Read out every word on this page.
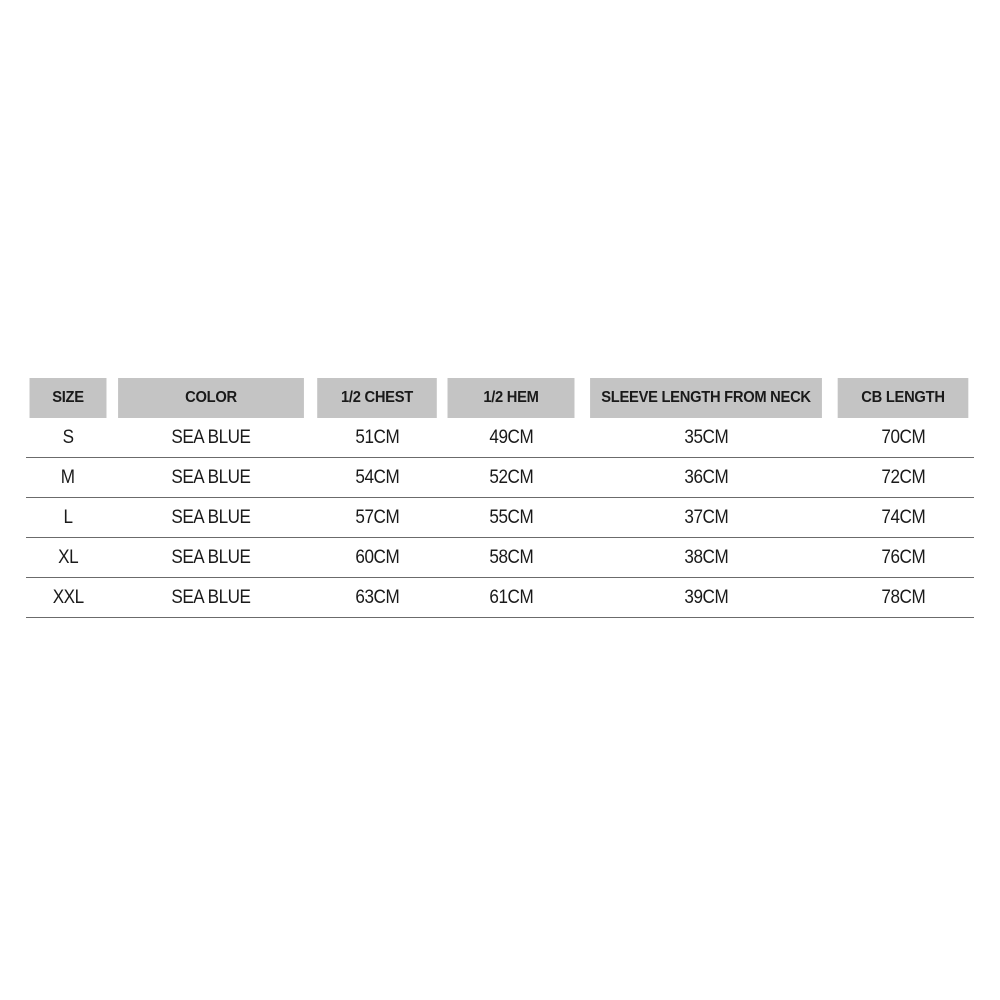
SIZE	COLOR	1/2 CHEST	1/2 HEM	SLEEVE LENGTH FROM NECK	CB LENGTH
S	SEA BLUE	51CM	49CM	35CM	70CM
M	SEA BLUE	54CM	52CM	36CM	72CM
L	SEA BLUE	57CM	55CM	37CM	74CM
XL	SEA BLUE	60CM	58CM	38CM	76CM
XXL	SEA BLUE	63CM	61CM	39CM	78CM
